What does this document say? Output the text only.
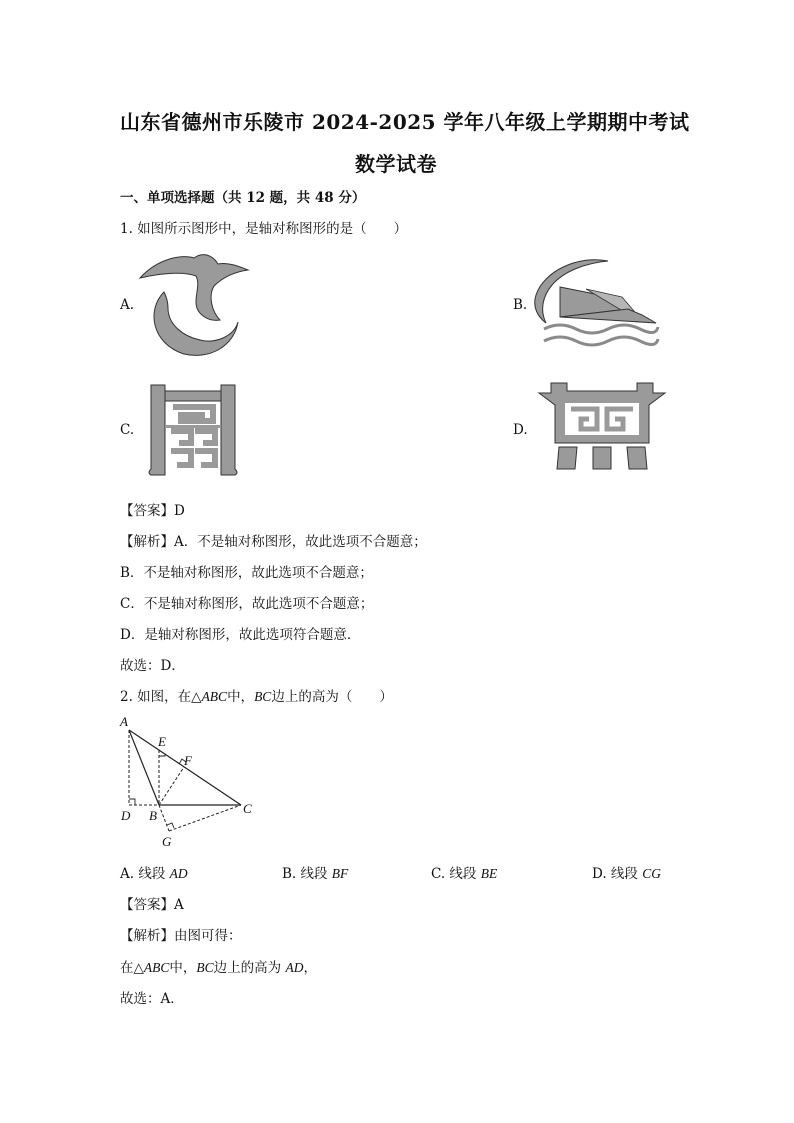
山东省德州市乐陵市 2024-2025 学年八年级上学期期中考试
数学试卷
一、单项选择题（共 12 题，共 48 分）
1. 如图所示图形中，是轴对称图形的是（　　）
A.	B.
C.	D.
【答案】D
【解析】A．不是轴对称图形，故此选项不合题意；
B．不是轴对称图形，故此选项不合题意；
C．不是轴对称图形，故此选项不合题意；
D．是轴对称图形，故此选项符合题意．
故选：D．
2. 如图，在△ABC中，BC边上的高为（　　）
A
E
F
C
D B
G
A. 线段 AD	B. 线段 BF	C. 线段 BE	D. 线段 CG
【答案】A
【解析】由图可得：
在△ABC中，BC边上的高为 AD，
故选：A．
